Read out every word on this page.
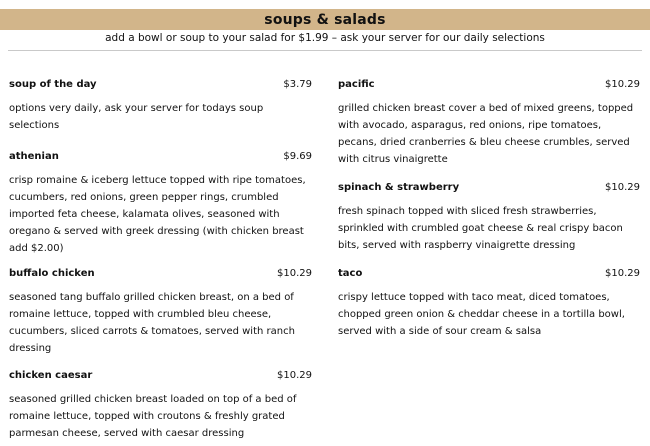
soups & salads
add a bowl or soup to your salad for $1.99 – ask your server for our daily selections
soup of the day	$3.79
options very daily, ask your server for todays soup selections
athenian	$9.69
crisp romaine & iceberg lettuce topped with ripe tomatoes, cucumbers, red onions, green pepper rings, crumbled imported feta cheese, kalamata olives, seasoned with oregano & served with greek dressing (with chicken breast add $2.00)
buffalo chicken	$10.29
seasoned tang buffalo grilled chicken breast, on a bed of romaine lettuce, topped with crumbled bleu cheese, cucumbers, sliced carrots & tomatoes, served with ranch dressing
chicken caesar	$10.29
seasoned grilled chicken breast loaded on top of a bed of romaine lettuce, topped with croutons & freshly grated parmesan cheese, served with caesar dressing
pacific	$10.29
grilled chicken breast cover a bed of mixed greens, topped with avocado, asparagus, red onions, ripe tomatoes, pecans, dried cranberries & bleu cheese crumbles, served with citrus vinaigrette
spinach & strawberry	$10.29
fresh spinach topped with sliced fresh strawberries, sprinkled with crumbled goat cheese & real crispy bacon bits, served with raspberry vinaigrette dressing
taco	$10.29
crispy lettuce topped with taco meat, diced tomatoes, chopped green onion & cheddar cheese in a tortilla bowl, served with a side of sour cream & salsa
